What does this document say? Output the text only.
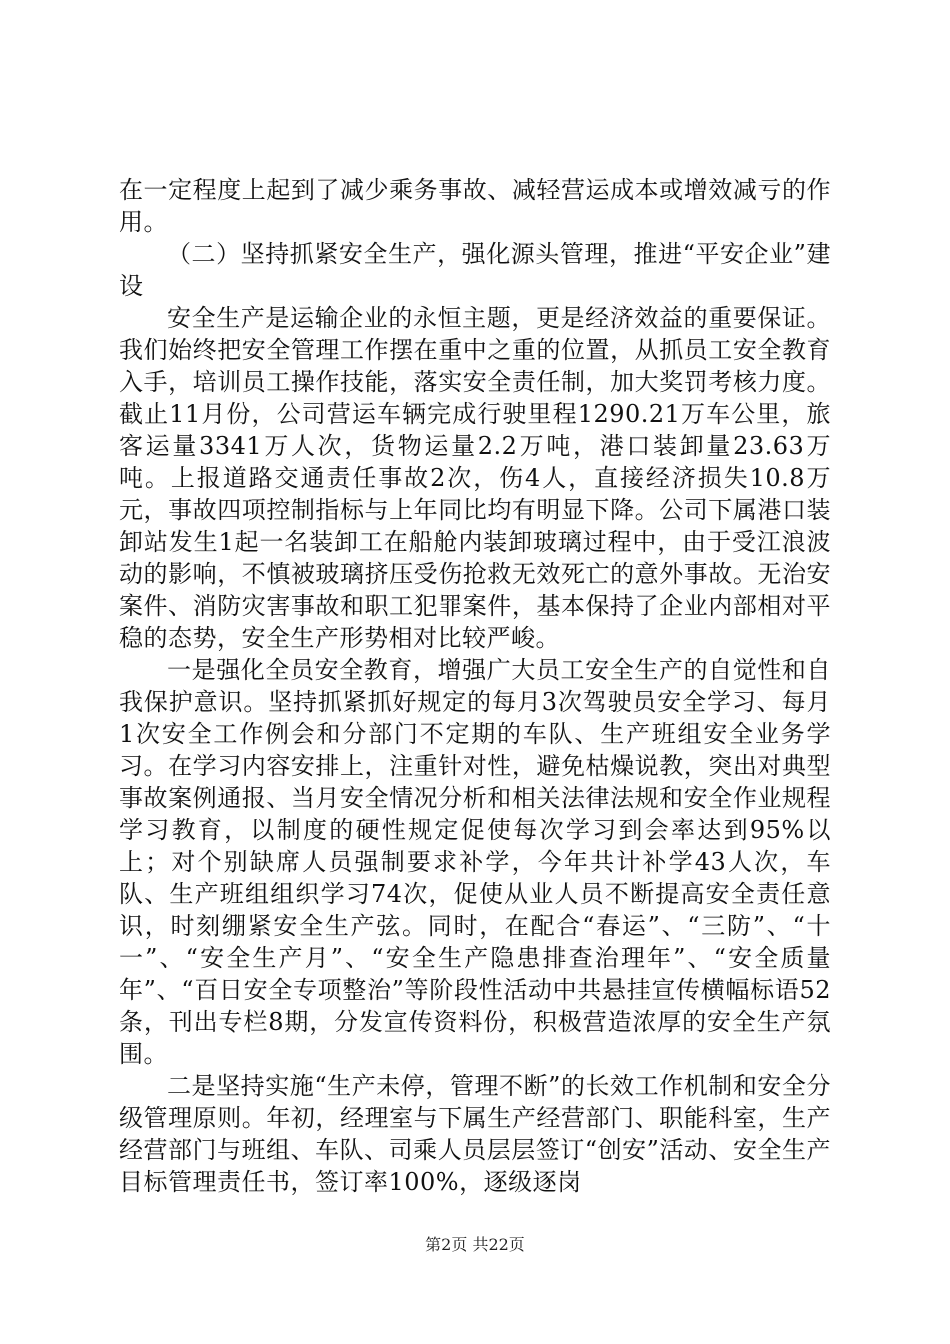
在一定程度上起到了减少乘务事故、减轻营运成本或增效减亏的作用。

（二）坚持抓紧安全生产，强化源头管理，推进“平安企业”建设

安全生产是运输企业的永恒主题，更是经济效益的重要保证。我们始终把安全管理工作摆在重中之重的位置，从抓员工安全教育入手，培训员工操作技能，落实安全责任制，加大奖罚考核力度。截止11月份，公司营运车辆完成行驶里程1290.21万车公里，旅客运量3341万人次，货物运量2.2万吨，港口装卸量23.63万吨。上报道路交通责任事故2次，伤4人，直接经济损失10.8万元，事故四项控制指标与上年同比均有明显下降。公司下属港口装卸站发生1起一名装卸工在船舱内装卸玻璃过程中，由于受江浪波动的影响，不慎被玻璃挤压受伤抢救无效死亡的意外事故。无治安案件、消防灾害事故和职工犯罪案件，基本保持了企业内部相对平稳的态势，安全生产形势相对比较严峻。

一是强化全员安全教育，增强广大员工安全生产的自觉性和自我保护意识。坚持抓紧抓好规定的每月3次驾驶员安全学习、每月1次安全工作例会和分部门不定期的车队、生产班组安全业务学习。在学习内容安排上，注重针对性，避免枯燥说教，突出对典型事故案例通报、当月安全情况分析和相关法律法规和安全作业规程学习教育，以制度的硬性规定促使每次学习到会率达到95%以上；对个别缺席人员强制要求补学，今年共计补学43人次，车队、生产班组组织学习74次，促使从业人员不断提高安全责任意识，时刻绷紧安全生产弦。同时，在配合“春运”、“三防”、“十一”、“安全生产月”、“安全生产隐患排查治理年”、“安全质量年”、“百日安全专项整治”等阶段性活动中共悬挂宣传横幅标语52条，刊出专栏8期，分发宣传资料份，积极营造浓厚的安全生产氛围。

二是坚持实施“生产未停，管理不断”的长效工作机制和安全分级管理原则。年初，经理室与下属生产经营部门、职能科室，生产经营部门与班组、车队、司乘人员层层签订“创安”活动、安全生产目标管理责任书，签订率100%，逐级逐岗

第2页 共22页
